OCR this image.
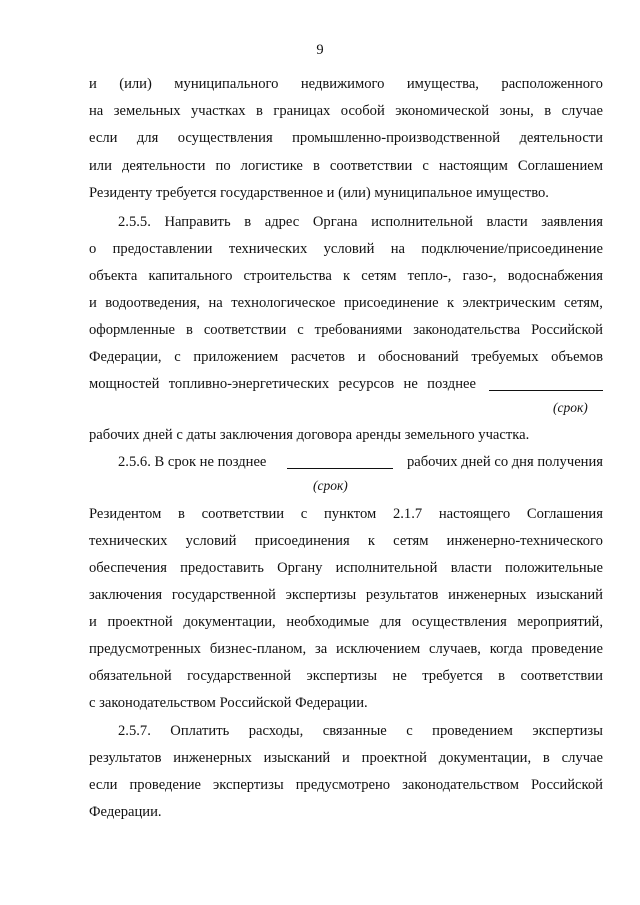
9
и (или) муниципального недвижимого имущества, расположенного
на земельных участках в границах особой экономической зоны, в случае
если для осуществления промышленно-производственной деятельности
или деятельности по логистике в соответствии с настоящим Соглашением
Резиденту требуется государственное и (или) муниципальное имущество.
2.5.5. Направить в адрес Органа исполнительной власти заявления
о предоставлении технических условий на подключение/присоединение
объекта капитального строительства к сетям тепло-, газо-, водоснабжения
и водоотведения, на технологическое присоединение к электрическим сетям,
оформленные в соответствии с требованиями законодательства Российской
Федерации, с приложением расчетов и обоснований требуемых объемов
мощностей топливно-энергетических ресурсов не позднее
(срок)
рабочих дней с даты заключения договора аренды земельного участка.
2.5.6. В срок не позднее	рабочих дней со дня получения
(срок)
Резидентом в соответствии с пунктом 2.1.7 настоящего Соглашения
технических условий присоединения к сетям инженерно-технического
обеспечения предоставить Органу исполнительной власти положительные
заключения государственной экспертизы результатов инженерных изысканий
и проектной документации, необходимые для осуществления мероприятий,
предусмотренных бизнес-планом, за исключением случаев, когда проведение
обязательной государственной экспертизы не требуется в соответствии
с законодательством Российской Федерации.
2.5.7. Оплатить расходы, связанные с проведением экспертизы
результатов инженерных изысканий и проектной документации, в случае
если проведение экспертизы предусмотрено законодательством Российской
Федерации.
